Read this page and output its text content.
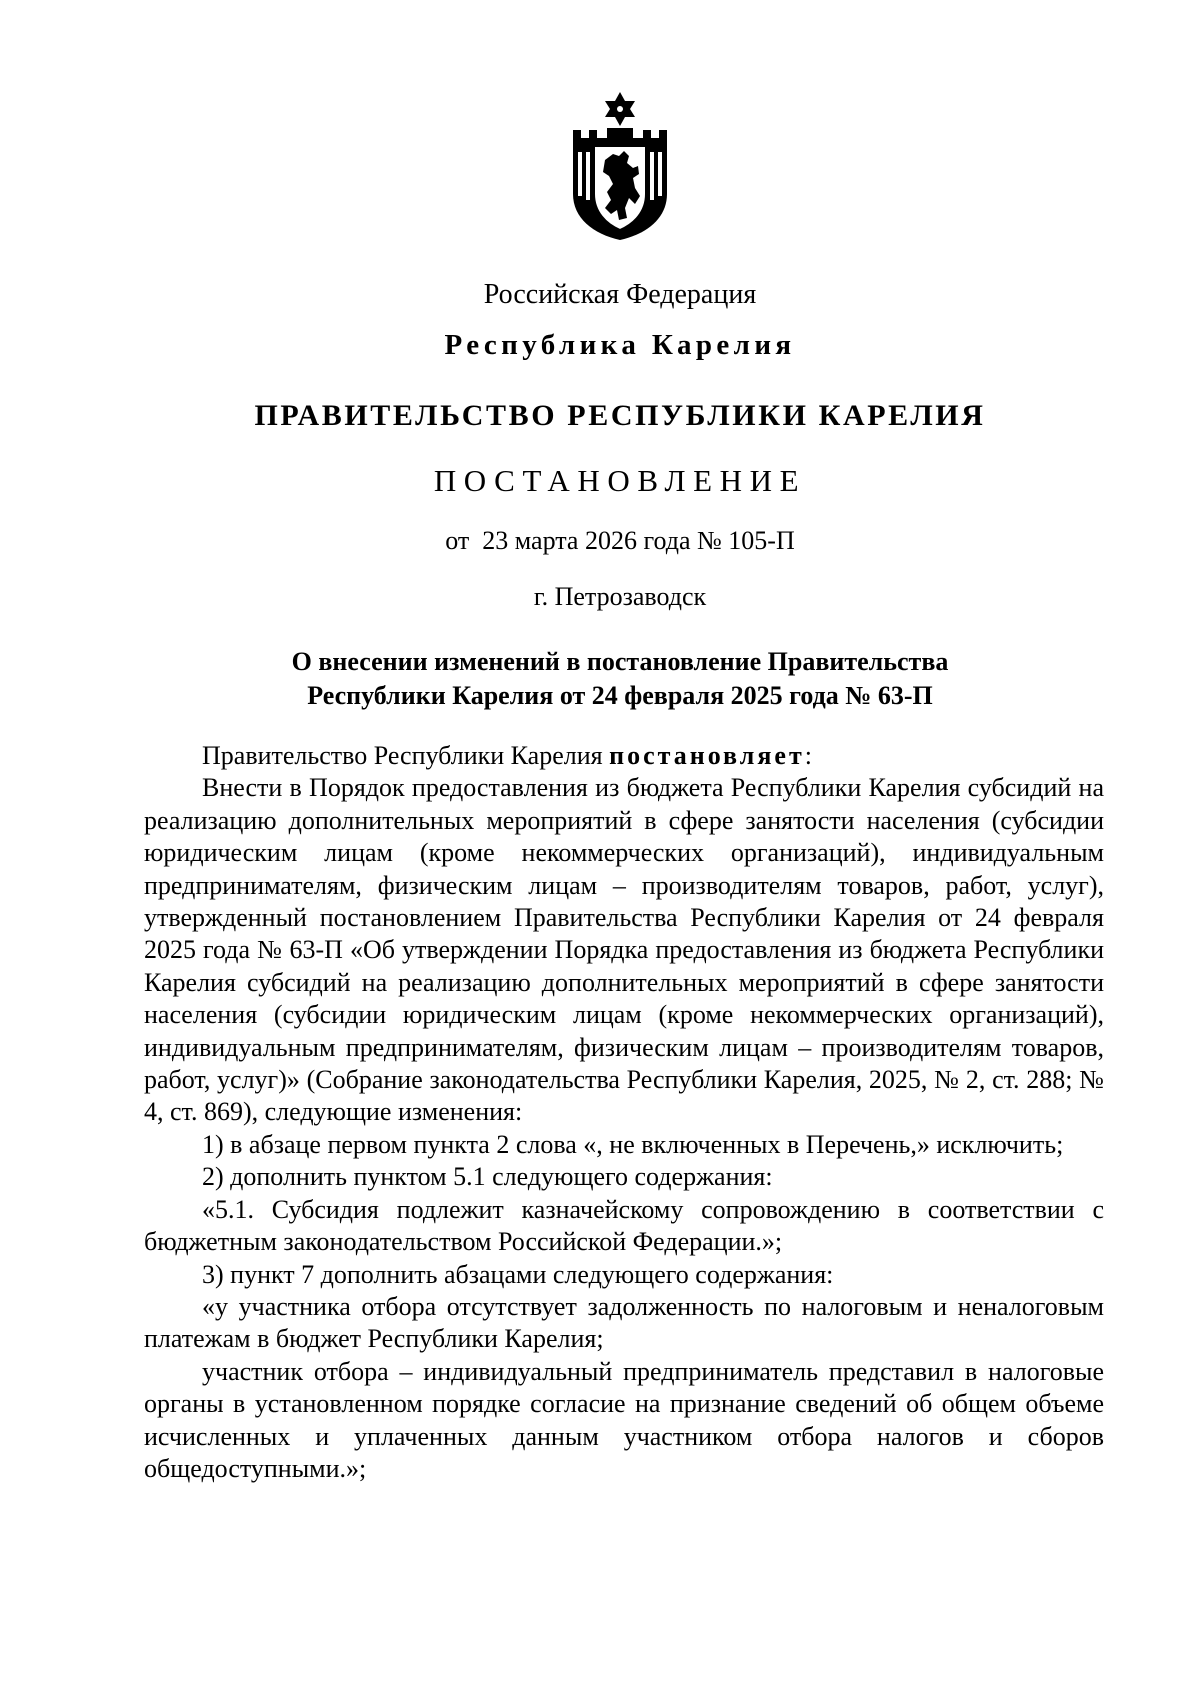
Российская Федерация
Республика Карелия
ПРАВИТЕЛЬСТВО РЕСПУБЛИКИ КАРЕЛИЯ
ПОСТАНОВЛЕНИЕ
от  23 марта 2026 года № 105-П
г. Петрозаводск
О внесении изменений в постановление Правительства
Республики Карелия от 24 февраля 2025 года № 63-П

Правительство Республики Карелия постановляет:

Внести в Порядок предоставления из бюджета Республики Карелия субсидий на реализацию дополнительных мероприятий в сфере занятости населения (субсидии юридическим лицам (кроме некоммерческих организаций), индивидуальным предпринимателям, физическим лицам – производителям товаров, работ, услуг), утвержденный постановлением Правительства Республики Карелия от 24 февраля 2025 года № 63-П «Об утверждении Порядка предоставления из бюджета Республики Карелия субсидий на реализацию дополнительных мероприятий в сфере занятости населения (субсидии юридическим лицам (кроме некоммерческих организаций), индивидуальным предпринимателям, физическим лицам – производителям товаров, работ, услуг)» (Собрание законодательства Республики Карелия, 2025, № 2, ст. 288; № 4, ст. 869), следующие изменения:

1) в абзаце первом пункта 2 слова «, не включенных в Перечень,» исключить;

2) дополнить пунктом 5.1 следующего содержания:

«5.1. Субсидия подлежит казначейскому сопровождению в соответствии с бюджетным законодательством Российской Федерации.»;

3) пункт 7 дополнить абзацами следующего содержания:

«у участника отбора отсутствует задолженность по налоговым и неналоговым платежам в бюджет Республики Карелия;

участник отбора – индивидуальный предприниматель представил в налоговые органы в установленном порядке согласие на признание сведений об общем объеме исчисленных и уплаченных данным участником отбора налогов и сборов общедоступными.»;
